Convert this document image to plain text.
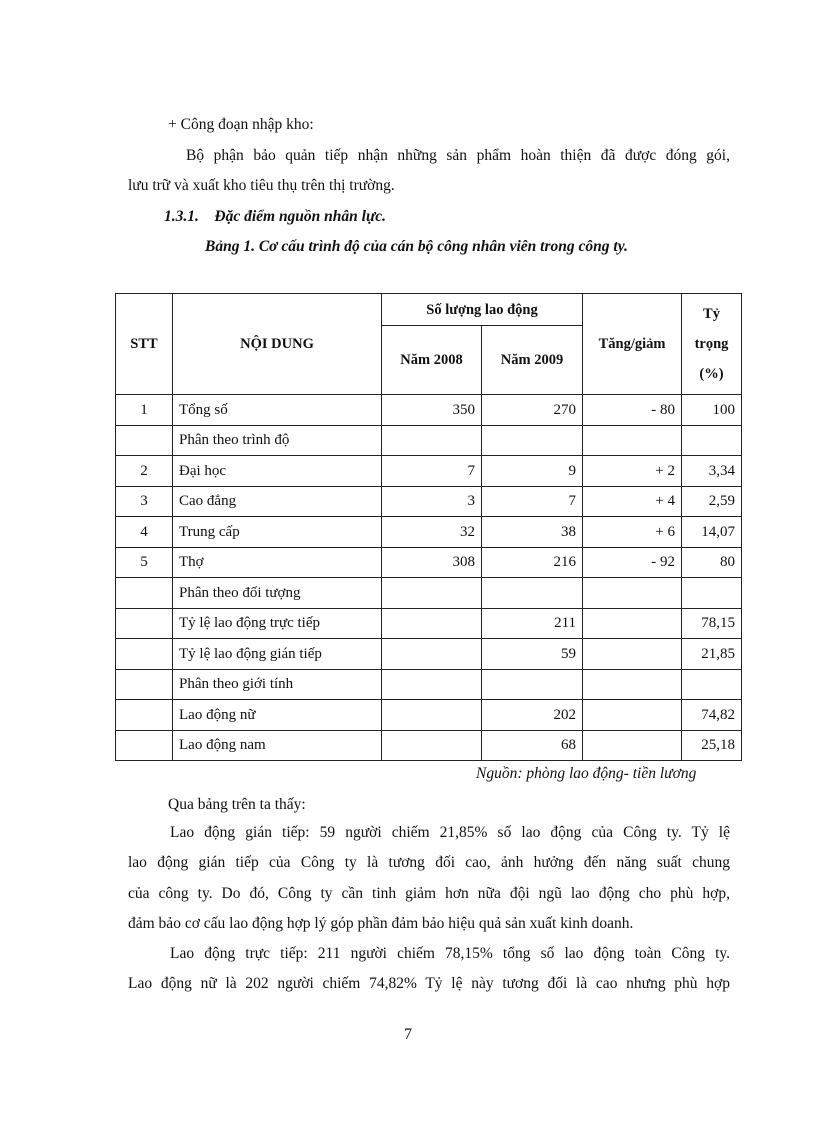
+ Công đoạn nhập kho:
Bộ phận bảo quản tiếp nhận những sản phẩm hoàn thiện đã được đóng gói,
lưu trữ và xuất kho tiêu thụ trên thị trường.
1.3.1.    Đặc điểm nguồn nhân lực.
Bảng 1. Cơ cấu trình độ của cán bộ công nhân viên trong công ty.
STT	NỘI DUNG	Số lượng lao động		Tăng/giảm	Tỷ
trọng
(%)
		Năm 2008	Năm 2009		
1	Tổng số	350	270	- 80	100
	Phân theo trình độ				
2	Đại học	7	9	+ 2	3,34
3	Cao đẳng	3	7	+ 4	2,59
4	Trung cấp	32	38	+ 6	14,07
5	Thợ	308	216	- 92	80
	Phân theo đối tượng				
	Tỷ lệ lao động trực tiếp		211		78,15
	Tỷ lệ lao động gián tiếp		59		21,85
	Phân theo giới tính				
	Lao động nữ		202		74,82
	Lao động nam		68		25,18
Nguồn: phòng lao động- tiền lương
Qua bảng trên ta thấy:
Lao động gián tiếp: 59 người chiếm 21,85% số lao động của Công ty. Tỷ lệ
lao động gián tiếp của Công ty là tương đối cao, ảnh hưởng đến năng suất chung
của công ty. Do đó, Công ty cần tinh giảm hơn nữa đội ngũ lao động cho phù hợp,
đảm bảo cơ cấu lao động hợp lý góp phần đảm bảo hiệu quả sản xuất kinh doanh.
Lao động trực tiếp: 211 người chiếm 78,15% tổng số lao động toàn Công ty.
Lao động nữ là 202 người chiếm 74,82% Tỷ lệ này tương đối là cao nhưng phù hợp
7
